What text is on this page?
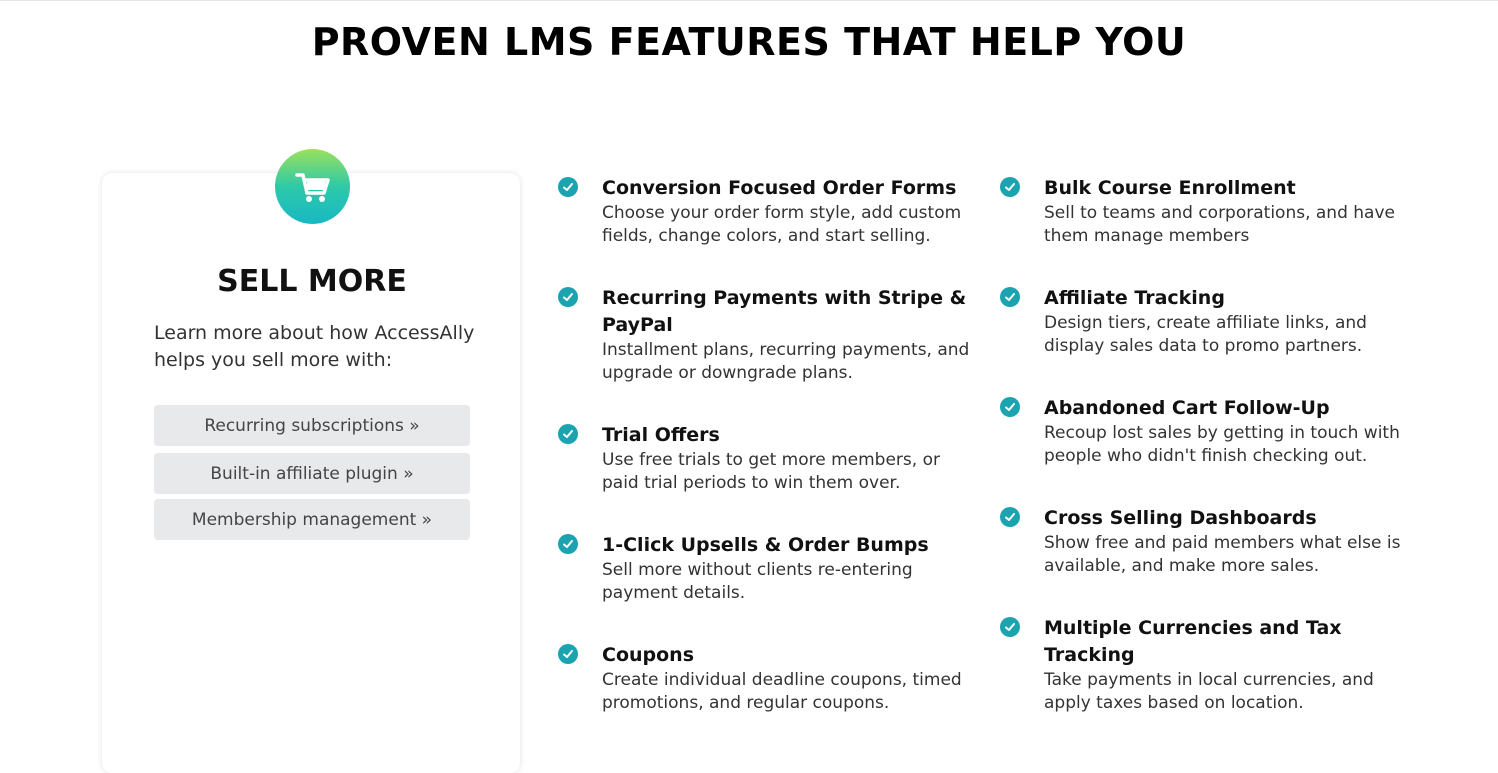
PROVEN LMS FEATURES THAT HELP YOU
SELL MORE

Learn more about how AccessAlly helps you sell more with:

Recurring subscriptions »
Built-in affiliate plugin »
Membership management »

Conversion Focused Order Forms

Choose your order form style, add custom fields, change colors, and start selling.

Recurring Payments with Stripe & PayPal

Installment plans, recurring payments, and upgrade or downgrade plans.

Trial Offers

Use free trials to get more members, or paid trial periods to win them over.

1-Click Upsells & Order Bumps

Sell more without clients re-entering payment details.

Coupons

Create individual deadline coupons, timed promotions, and regular coupons.

Bulk Course Enrollment

Sell to teams and corporations, and have them manage members

Affiliate Tracking

Design tiers, create affiliate links, and display sales data to promo partners.

Abandoned Cart Follow-Up

Recoup lost sales by getting in touch with people who didn't finish checking out.

Cross Selling Dashboards

Show free and paid members what else is available, and make more sales.

Multiple Currencies and Tax Tracking

Take payments in local currencies, and apply taxes based on location.
